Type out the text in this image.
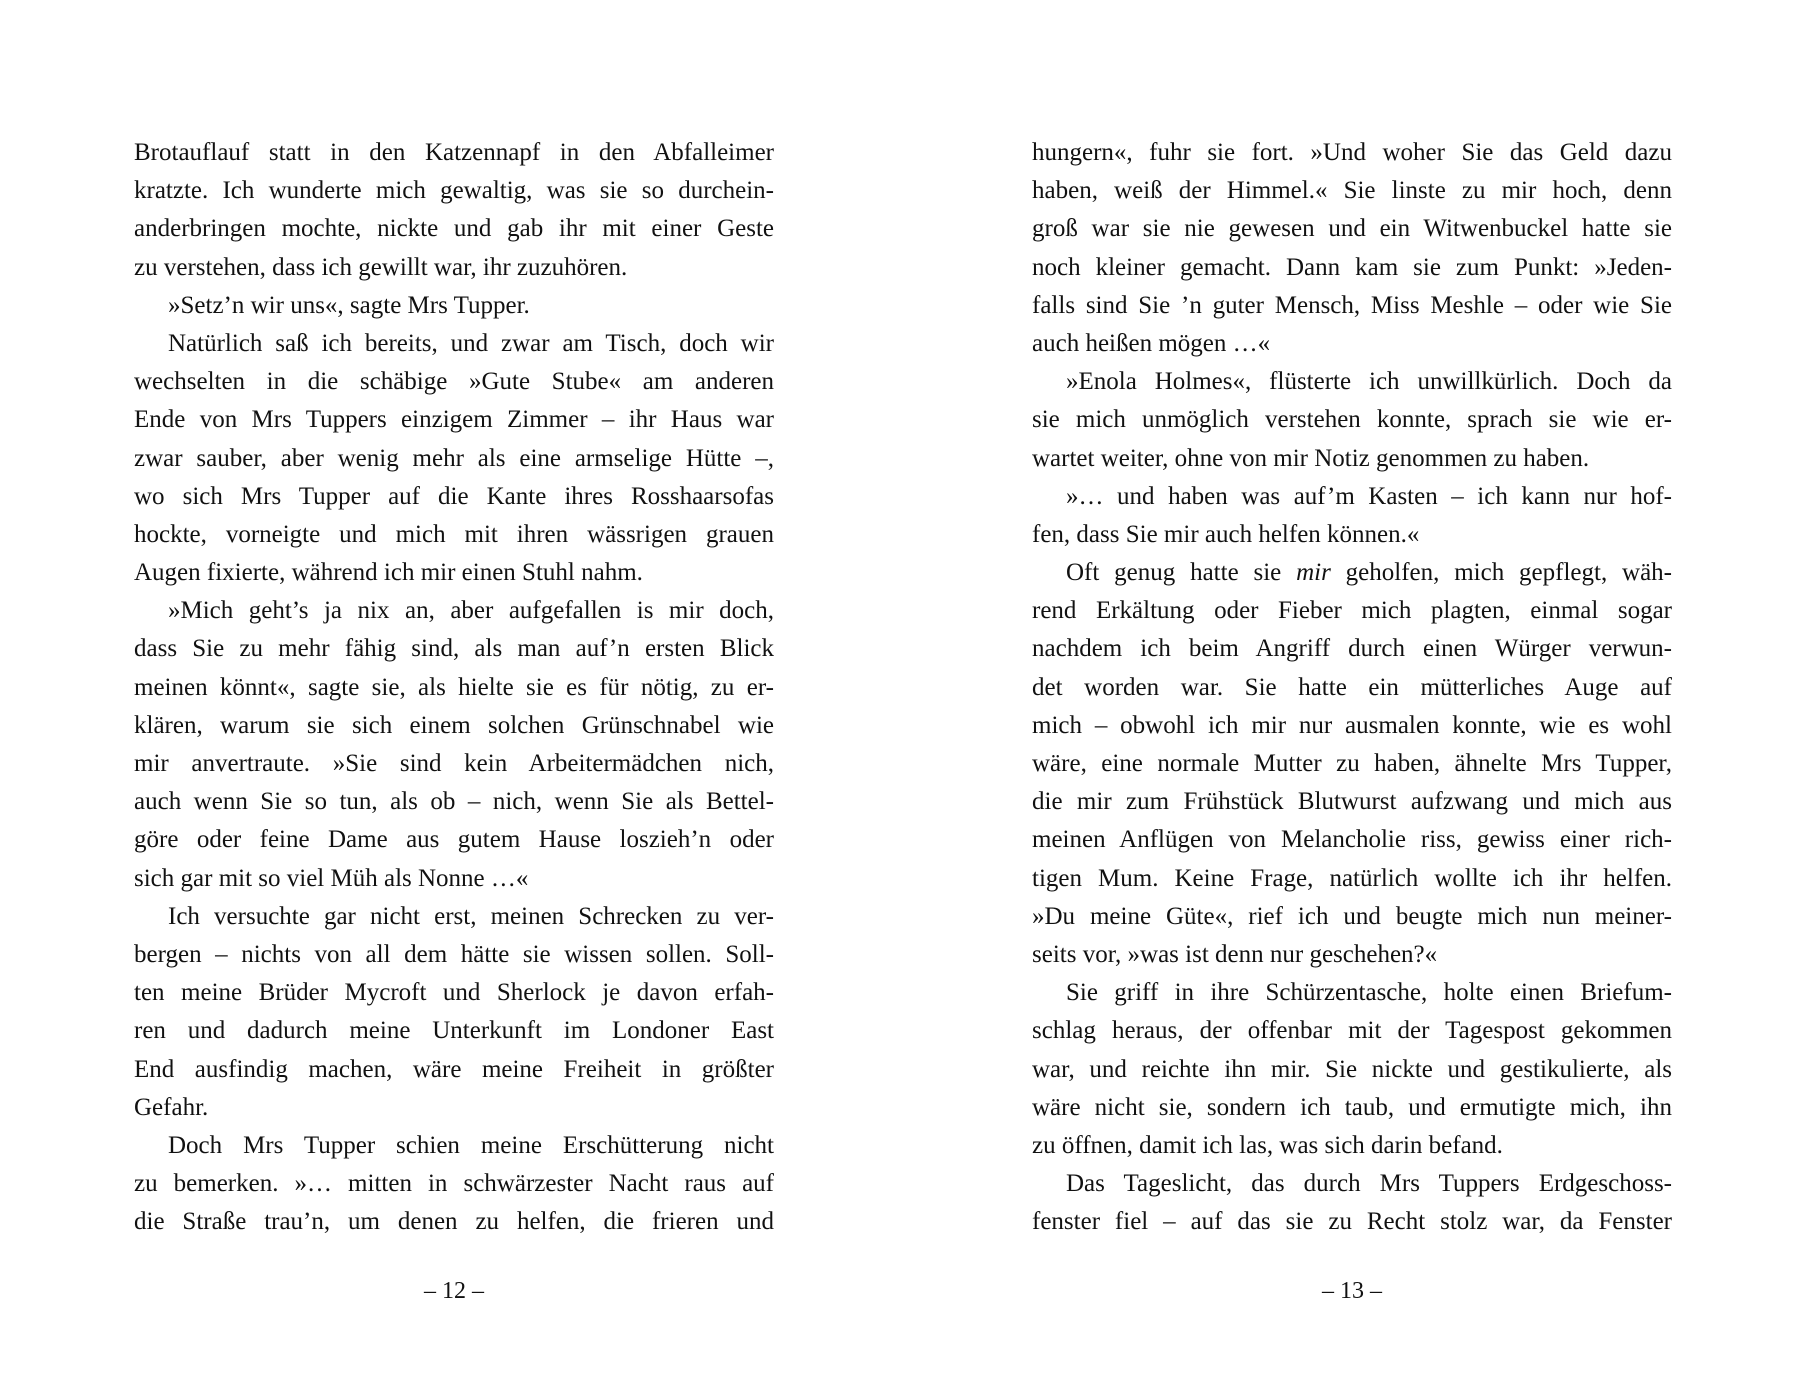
Brotauflauf statt in den Katzennapf in den Abfalleimer
kratzte. Ich wunderte mich gewaltig, was sie so durchein-
anderbringen mochte, nickte und gab ihr mit einer Geste
zu verstehen, dass ich gewillt war, ihr zuzuhören.
»Setz’n wir uns«, sagte Mrs Tupper.
Natürlich saß ich bereits, und zwar am Tisch, doch wir
wechselten in die schäbige »Gute Stube« am anderen
Ende von Mrs Tuppers einzigem Zimmer – ihr Haus war
zwar sauber, aber wenig mehr als eine armselige Hütte –,
wo sich Mrs Tupper auf die Kante ihres Rosshaarsofas
hockte, vorneigte und mich mit ihren wässrigen grauen
Augen fixierte, während ich mir einen Stuhl nahm.
»Mich geht’s ja nix an, aber aufgefallen is mir doch,
dass Sie zu mehr fähig sind, als man auf’n ersten Blick
meinen könnt«, sagte sie, als hielte sie es für nötig, zu er-
klären, warum sie sich einem solchen Grünschnabel wie
mir anvertraute. »Sie sind kein Arbeitermädchen nich,
auch wenn Sie so tun, als ob – nich, wenn Sie als Bettel-
göre oder feine Dame aus gutem Hause loszieh’n oder
sich gar mit so viel Müh als Nonne …«
Ich versuchte gar nicht erst, meinen Schrecken zu ver-
bergen – nichts von all dem hätte sie wissen sollen. Soll-
ten meine Brüder Mycroft und Sherlock je davon erfah-
ren und dadurch meine Unterkunft im Londoner East
End ausfindig machen, wäre meine Freiheit in größter
Gefahr.
Doch Mrs Tupper schien meine Erschütterung nicht
zu bemerken. »… mitten in schwärzester Nacht raus auf
die Straße trau’n, um denen zu helfen, die frieren und
– 12 –
hungern«, fuhr sie fort. »Und woher Sie das Geld dazu
haben, weiß der Himmel.« Sie linste zu mir hoch, denn
groß war sie nie gewesen und ein Witwenbuckel hatte sie
noch kleiner gemacht. Dann kam sie zum Punkt: »Jeden-
falls sind Sie ’n guter Mensch, Miss Meshle – oder wie Sie
auch heißen mögen …«
»Enola Holmes«, flüsterte ich unwillkürlich. Doch da
sie mich unmöglich verstehen konnte, sprach sie wie er-
wartet weiter, ohne von mir Notiz genommen zu haben.
»… und haben was auf’m Kasten – ich kann nur hof-
fen, dass Sie mir auch helfen können.«
Oft genug hatte sie mir geholfen, mich gepflegt, wäh-
rend Erkältung oder Fieber mich plagten, einmal sogar
nachdem ich beim Angriff durch einen Würger verwun-
det worden war. Sie hatte ein mütterliches Auge auf
mich – obwohl ich mir nur ausmalen konnte, wie es wohl
wäre, eine normale Mutter zu haben, ähnelte Mrs Tupper,
die mir zum Frühstück Blutwurst aufzwang und mich aus
meinen Anflügen von Melancholie riss, gewiss einer rich-
tigen Mum. Keine Frage, natürlich wollte ich ihr helfen.
»Du meine Güte«, rief ich und beugte mich nun meiner-
seits vor, »was ist denn nur geschehen?«
Sie griff in ihre Schürzentasche, holte einen Briefum-
schlag heraus, der offenbar mit der Tagespost gekommen
war, und reichte ihn mir. Sie nickte und gestikulierte, als
wäre nicht sie, sondern ich taub, und ermutigte mich, ihn
zu öffnen, damit ich las, was sich darin befand.
Das Tageslicht, das durch Mrs Tuppers Erdgeschoss-
fenster fiel – auf das sie zu Recht stolz war, da Fenster
– 13 –
